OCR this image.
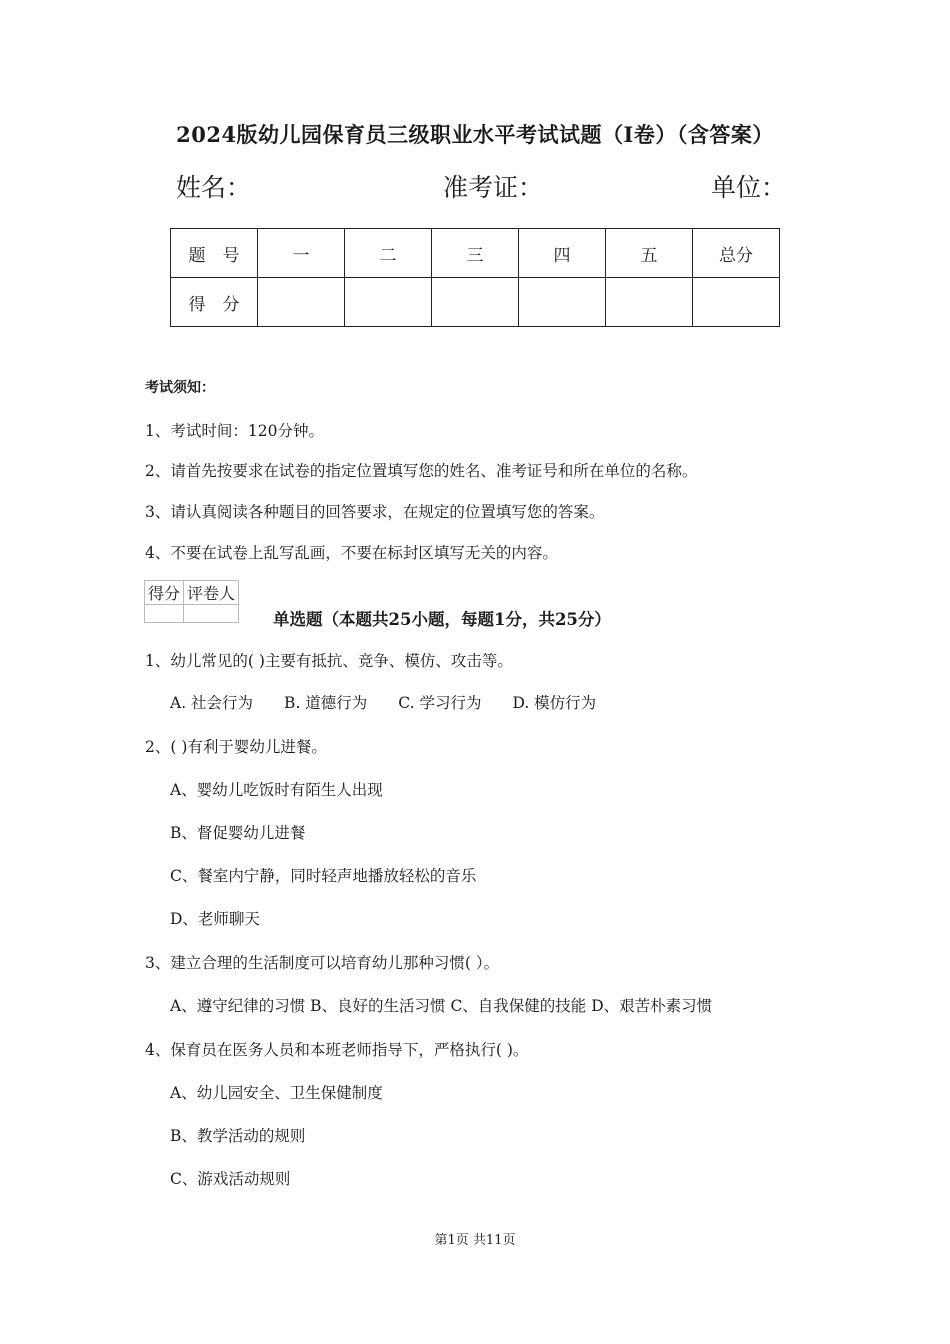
2024版幼儿园保育员三级职业水平考试试题（I卷）（含答案）
姓名：	准考证：	单位：
题　号	一	二	三	四	五	总分
得　分						
考试须知：
1、考试时间：120分钟。
2、请首先按要求在试卷的指定位置填写您的姓名、准考证号和所在单位的名称。
3、请认真阅读各种题目的回答要求，在规定的位置填写您的答案。
4、不要在试卷上乱写乱画，不要在标封区填写无关的内容。
得分	评卷人

单选题（本题共25小题，每题1分，共25分）
1、幼儿常见的( )主要有抵抗、竞争、模仿、攻击等。
A. 社会行为　　B. 道德行为　　C. 学习行为　　D. 模仿行为
2、( )有利于婴幼儿进餐。
A、婴幼儿吃饭时有陌生人出现
B、督促婴幼儿进餐
C、餐室内宁静，同时轻声地播放轻松的音乐
D、老师聊天
3、建立合理的生活制度可以培育幼儿那种习惯( ）。
A、遵守纪律的习惯 B、良好的生活习惯 C、自我保健的技能 D、艰苦朴素习惯
4、保育员在医务人员和本班老师指导下，严格执行( )。
A、幼儿园安全、卫生保健制度
B、教学活动的规则
C、游戏活动规则
第1页 共11页
